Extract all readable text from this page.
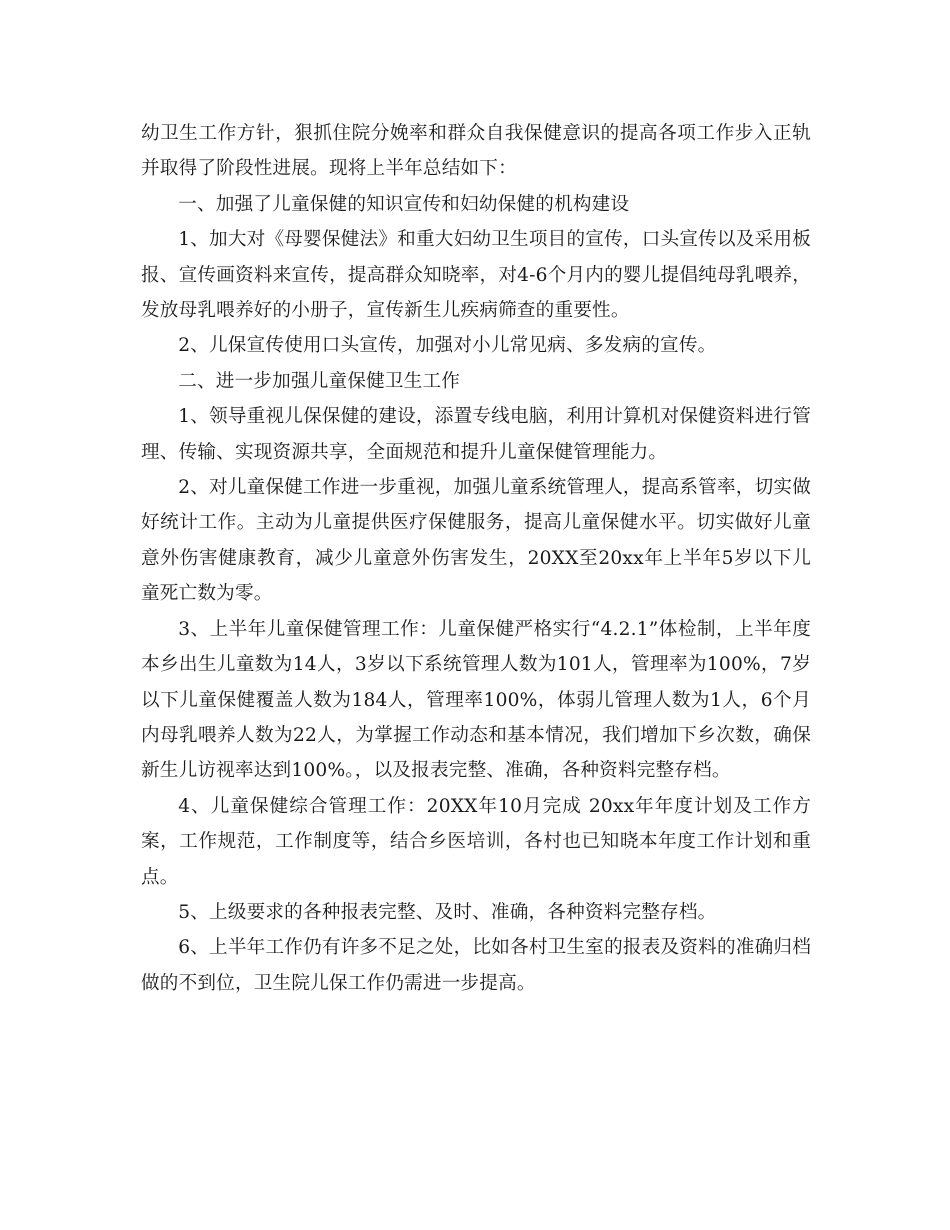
幼卫生工作方针，狠抓住院分娩率和群众自我保健意识的提高各项工作步入正轨并取得了阶段性进展。现将上半年总结如下：

一、加强了儿童保健的知识宣传和妇幼保健的机构建设

1、加大对《母婴保健法》和重大妇幼卫生项目的宣传，口头宣传以及采用板报、宣传画资料来宣传，提高群众知晓率，对4-6个月内的婴儿提倡纯母乳喂养，发放母乳喂养好的小册子，宣传新生儿疾病筛查的重要性。

2、儿保宣传使用口头宣传，加强对小儿常见病、多发病的宣传。

二、进一步加强儿童保健卫生工作

1、领导重视儿保保健的建设，添置专线电脑，利用计算机对保健资料进行管理、传输、实现资源共享，全面规范和提升儿童保健管理能力。

2、对儿童保健工作进一步重视，加强儿童系统管理人，提高系管率，切实做好统计工作。主动为儿童提供医疗保健服务，提高儿童保健水平。切实做好儿童意外伤害健康教育，减少儿童意外伤害发生，20XX至20xx年上半年5岁以下儿童死亡数为零。

3、上半年儿童保健管理工作：儿童保健严格实行“4.2.1”体检制，上半年度本乡出生儿童数为14人，3岁以下系统管理人数为101人，管理率为100%，7岁以下儿童保健覆盖人数为184人，管理率100%，体弱儿管理人数为1人，6个月内母乳喂养人数为22人，为掌握工作动态和基本情况，我们增加下乡次数，确保新生儿访视率达到100%。，以及报表完整、准确，各种资料完整存档。

4、儿童保健综合管理工作：20XX年10月完成 20xx年年度计划及工作方案，工作规范，工作制度等，结合乡医培训，各村也已知晓本年度工作计划和重点。

5、上级要求的各种报表完整、及时、准确，各种资料完整存档。

6、上半年工作仍有许多不足之处，比如各村卫生室的报表及资料的准确归档做的不到位，卫生院儿保工作仍需进一步提高。
